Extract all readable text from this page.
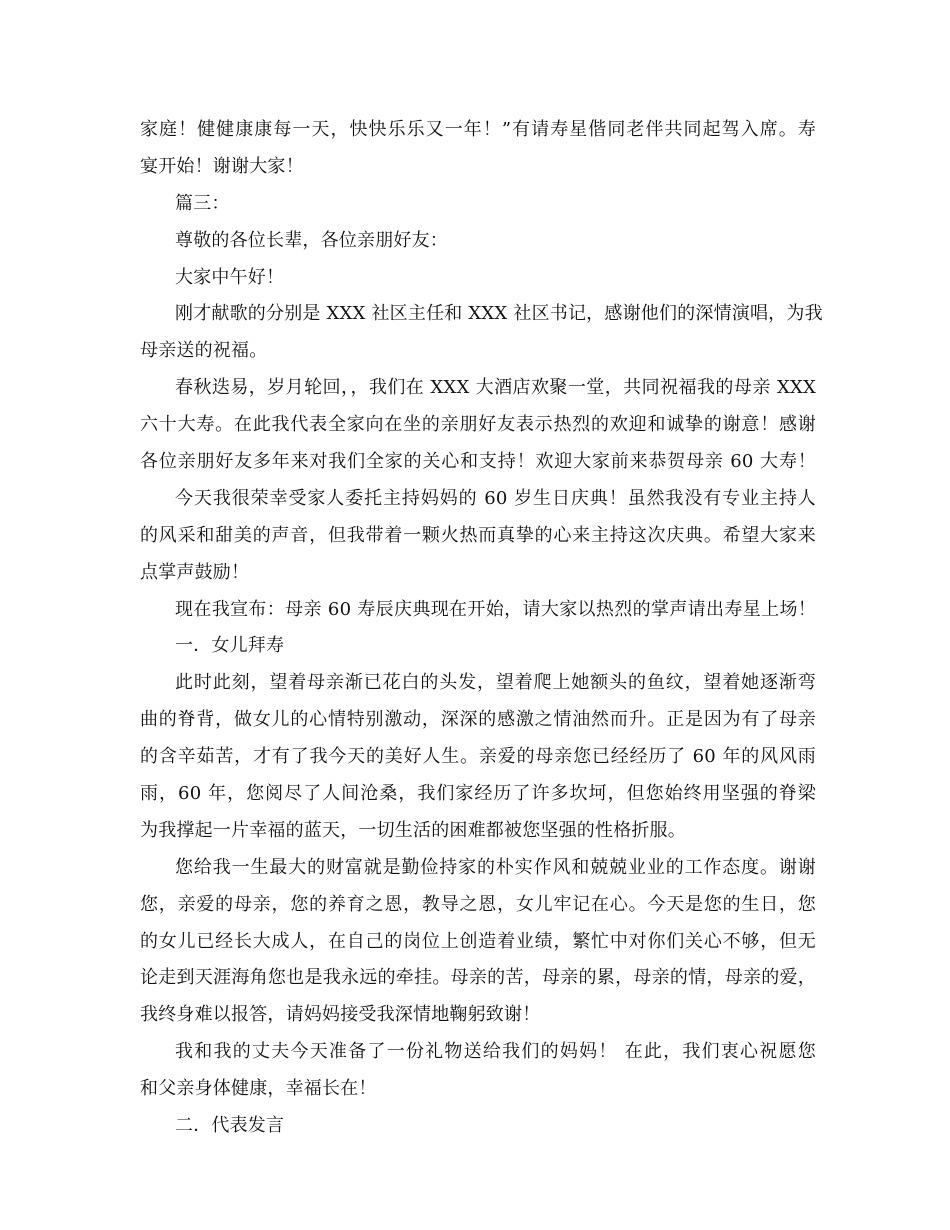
家庭！健健康康每一天，快快乐乐又一年！”有请寿星偕同老伴共同起驾入席。寿
宴开始！谢谢大家！
篇三：
尊敬的各位长辈，各位亲朋好友：
大家中午好！
刚才献歌的分别是 XXX 社区主任和 XXX 社区书记，感谢他们的深情演唱，为我
母亲送的祝福。
春秋迭易，岁月轮回，，我们在 XXX 大酒店欢聚一堂，共同祝福我的母亲 XXX
六十大寿。在此我代表全家向在坐的亲朋好友表示热烈的欢迎和诚挚的谢意！感谢
各位亲朋好友多年来对我们全家的关心和支持！欢迎大家前来恭贺母亲 60 大寿！
今天我很荣幸受家人委托主持妈妈的 60 岁生日庆典！虽然我没有专业主持人
的风采和甜美的声音，但我带着一颗火热而真挚的心来主持这次庆典。希望大家来
点掌声鼓励！
现在我宣布：母亲 60 寿辰庆典现在开始，请大家以热烈的掌声请出寿星上场！
一．女儿拜寿
此时此刻，望着母亲渐已花白的头发，望着爬上她额头的鱼纹，望着她逐渐弯
曲的脊背，做女儿的心情特别激动，深深的感激之情油然而升。正是因为有了母亲
的含辛茹苦，才有了我今天的美好人生。亲爱的母亲您已经经历了 60 年的风风雨
雨，60 年，您阅尽了人间沧桑，我们家经历了许多坎坷，但您始终用坚强的脊梁
为我撑起一片幸福的蓝天，一切生活的困难都被您坚强的性格折服。
您给我一生最大的财富就是勤俭持家的朴实作风和兢兢业业的工作态度。谢谢
您，亲爱的母亲，您的养育之恩，教导之恩，女儿牢记在心。今天是您的生日，您
的女儿已经长大成人，在自己的岗位上创造着业绩，繁忙中对你们关心不够，但无
论走到天涯海角您也是我永远的牵挂。母亲的苦，母亲的累，母亲的情，母亲的爱，
我终身难以报答，请妈妈接受我深情地鞠躬致谢！
我和我的丈夫今天准备了一份礼物送给我们的妈妈！ 在此，我们衷心祝愿您
和父亲身体健康，幸福长在！
二．代表发言
